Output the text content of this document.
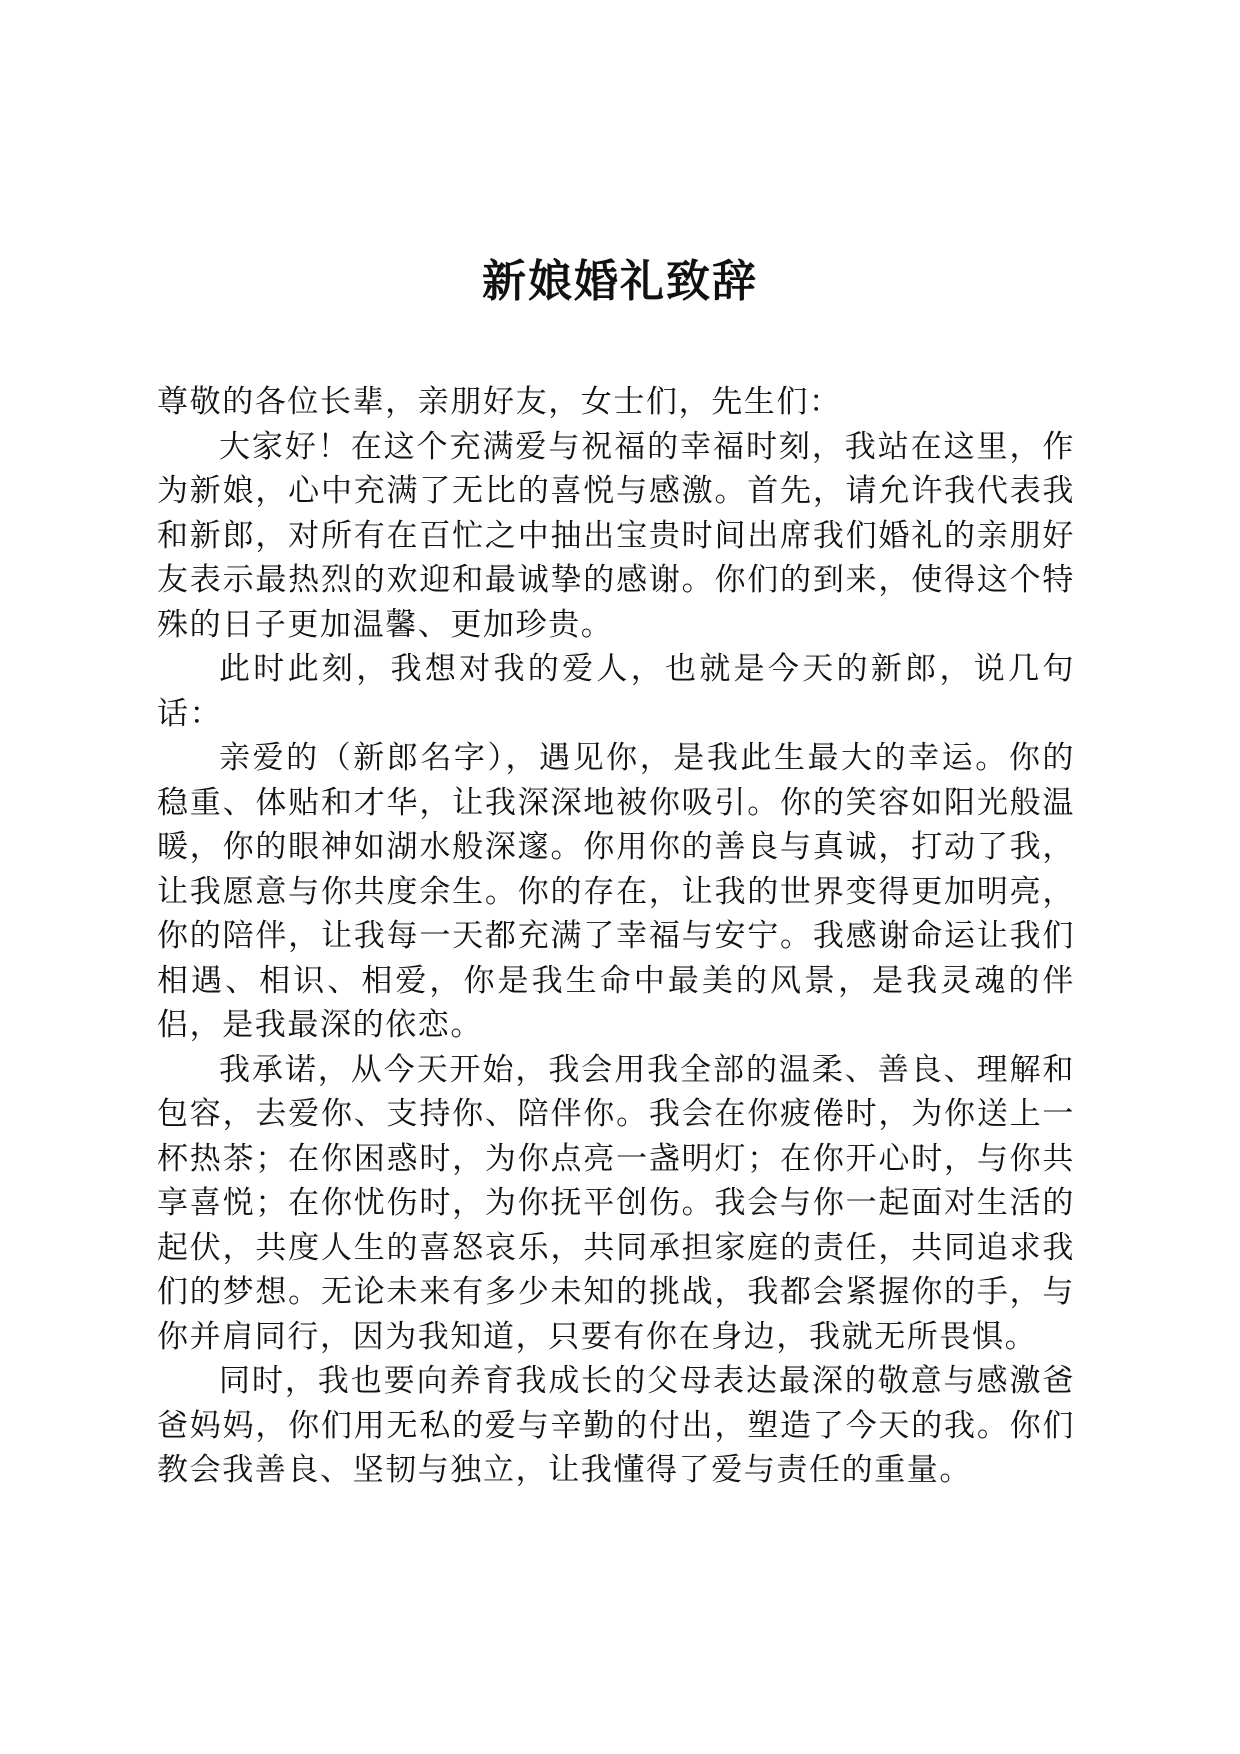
新娘婚礼致辞

尊敬的各位长辈，亲朋好友，女士们，先生们：

大家好！在这个充满爱与祝福的幸福时刻，我站在这里，作为新娘，心中充满了无比的喜悦与感激。首先，请允许我代表我和新郎，对所有在百忙之中抽出宝贵时间出席我们婚礼的亲朋好友表示最热烈的欢迎和最诚挚的感谢。你们的到来，使得这个特殊的日子更加温馨、更加珍贵。

此时此刻，我想对我的爱人，也就是今天的新郎，说几句话：

亲爱的（新郎名字），遇见你，是我此生最大的幸运。你的稳重、体贴和才华，让我深深地被你吸引。你的笑容如阳光般温暖，你的眼神如湖水般深邃。你用你的善良与真诚，打动了我，让我愿意与你共度余生。你的存在，让我的世界变得更加明亮，你的陪伴，让我每一天都充满了幸福与安宁。我感谢命运让我们相遇、相识、相爱，你是我生命中最美的风景，是我灵魂的伴侣，是我最深的依恋。

我承诺，从今天开始，我会用我全部的温柔、善良、理解和包容，去爱你、支持你、陪伴你。我会在你疲倦时，为你送上一杯热茶；在你困惑时，为你点亮一盏明灯；在你开心时，与你共享喜悦；在你忧伤时，为你抚平创伤。我会与你一起面对生活的起伏，共度人生的喜怒哀乐，共同承担家庭的责任，共同追求我们的梦想。无论未来有多少未知的挑战，我都会紧握你的手，与你并肩同行，因为我知道，只要有你在身边，我就无所畏惧。

同时，我也要向养育我成长的父母表达最深的敬意与感激爸爸妈妈，你们用无私的爱与辛勤的付出，塑造了今天的我。你们教会我善良、坚韧与独立，让我懂得了爱与责任的重量。
